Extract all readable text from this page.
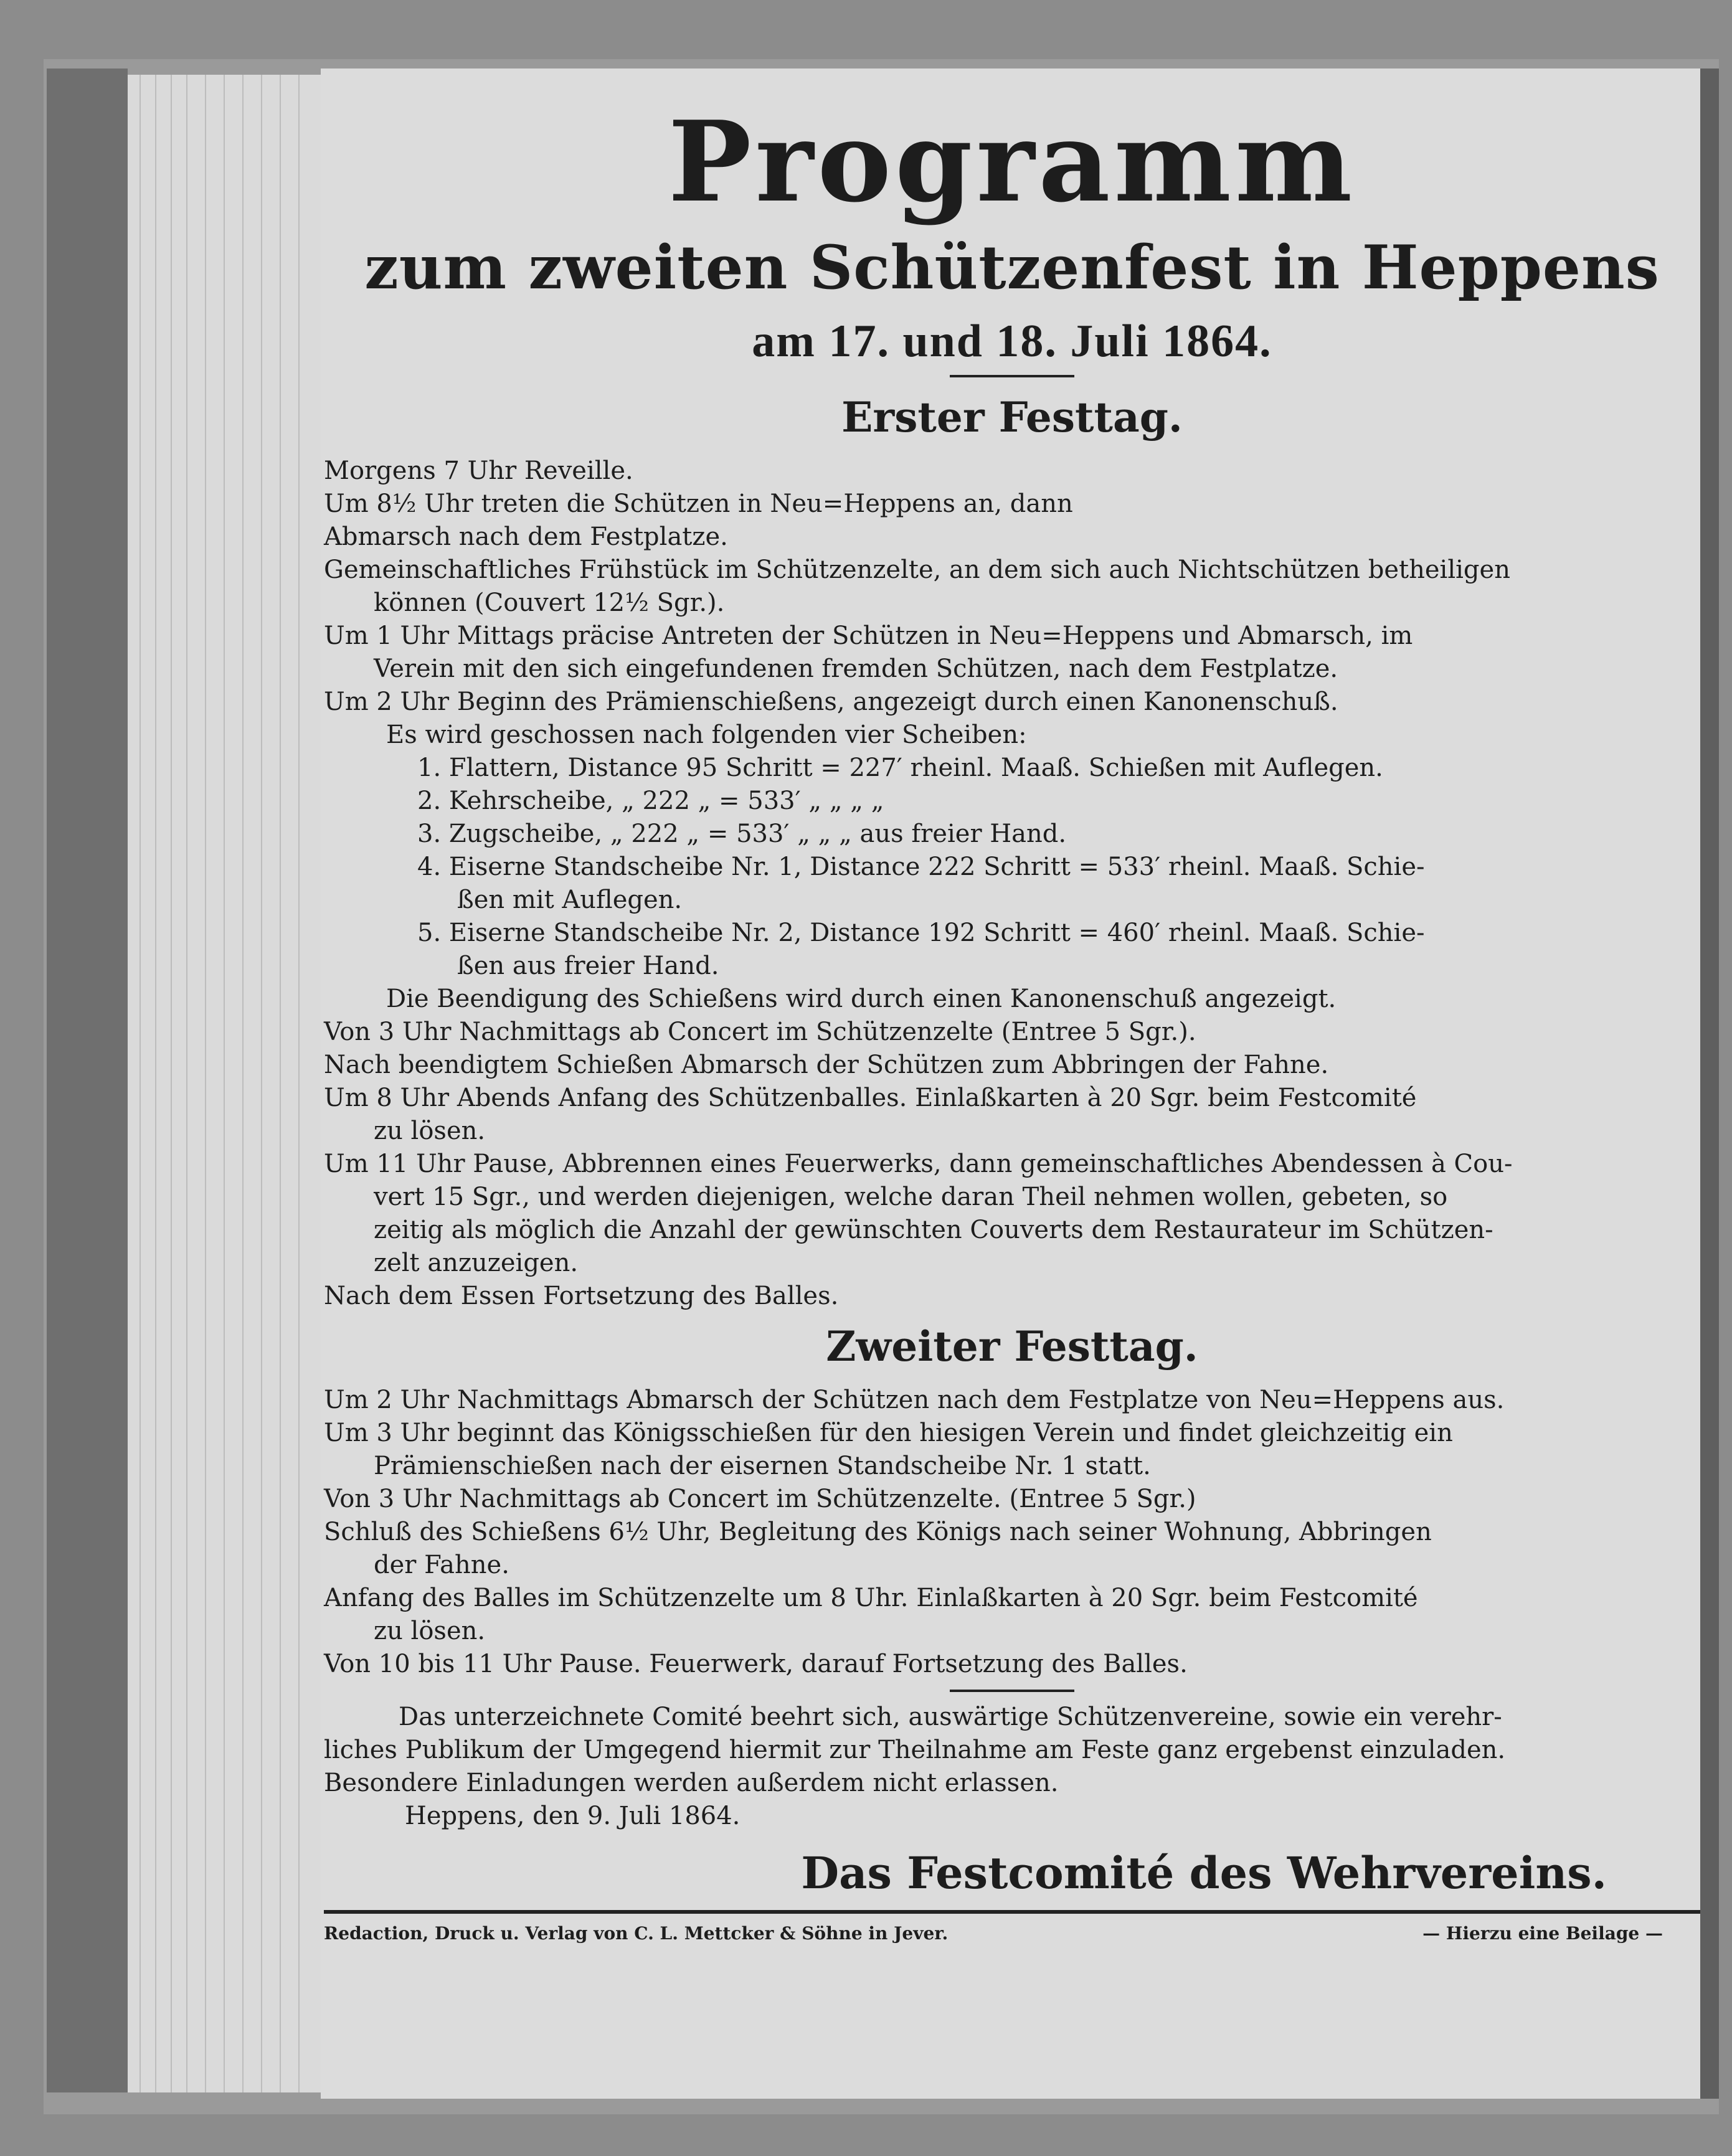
Programm
zum zweiten Schützenfest in Heppens
am 17. und 18. Juli 1864.
Erster Festtag.
Morgens 7 Uhr Reveille.
Um 8½ Uhr treten die Schützen in Neu=Heppens an, dann
Abmarsch nach dem Festplatze.
Gemeinschaftliches Frühstück im Schützenzelte, an dem sich auch Nichtschützen betheiligen
können (Couvert 12½ Sgr.).
Um 1 Uhr Mittags präcise Antreten der Schützen in Neu=Heppens und Abmarsch, im
Verein mit den sich eingefundenen fremden Schützen, nach dem Festplatze.
Um 2 Uhr Beginn des Prämienschießens, angezeigt durch einen Kanonenschuß.
Es wird geschossen nach folgenden vier Scheiben:
1. Flattern, Distance 95 Schritt = 227′ rheinl. Maaß. Schießen mit Auflegen.
2. Kehrscheibe, „ 222 „ = 533′ „ „ „ „
3. Zugscheibe, „ 222 „ = 533′ „ „ „ aus freier Hand.
4. Eiserne Standscheibe Nr. 1, Distance 222 Schritt = 533′ rheinl. Maaß. Schie-
ßen mit Auflegen.
5. Eiserne Standscheibe Nr. 2, Distance 192 Schritt = 460′ rheinl. Maaß. Schie-
ßen aus freier Hand.
Die Beendigung des Schießens wird durch einen Kanonenschuß angezeigt.
Von 3 Uhr Nachmittags ab Concert im Schützenzelte (Entree 5 Sgr.).
Nach beendigtem Schießen Abmarsch der Schützen zum Abbringen der Fahne.
Um 8 Uhr Abends Anfang des Schützenballes. Einlaßkarten à 20 Sgr. beim Festcomité
zu lösen.
Um 11 Uhr Pause, Abbrennen eines Feuerwerks, dann gemeinschaftliches Abendessen à Cou-
vert 15 Sgr., und werden diejenigen, welche daran Theil nehmen wollen, gebeten, so
zeitig als möglich die Anzahl der gewünschten Couverts dem Restaurateur im Schützen-
zelt anzuzeigen.
Nach dem Essen Fortsetzung des Balles.
Zweiter Festtag.
Um 2 Uhr Nachmittags Abmarsch der Schützen nach dem Festplatze von Neu=Heppens aus.
Um 3 Uhr beginnt das Königsschießen für den hiesigen Verein und findet gleichzeitig ein
Prämienschießen nach der eisernen Standscheibe Nr. 1 statt.
Von 3 Uhr Nachmittags ab Concert im Schützenzelte. (Entree 5 Sgr.)
Schluß des Schießens 6½ Uhr, Begleitung des Königs nach seiner Wohnung, Abbringen
der Fahne.
Anfang des Balles im Schützenzelte um 8 Uhr. Einlaßkarten à 20 Sgr. beim Festcomité
zu lösen.
Von 10 bis 11 Uhr Pause. Feuerwerk, darauf Fortsetzung des Balles.
Das unterzeichnete Comité beehrt sich, auswärtige Schützenvereine, sowie ein verehr-
liches Publikum der Umgegend hiermit zur Theilnahme am Feste ganz ergebenst einzuladen.
Besondere Einladungen werden außerdem nicht erlassen.
Heppens, den 9. Juli 1864.
Das Festcomité des Wehrvereins.
Redaction, Druck u. Verlag von C. L. Mettcker & Söhne in Jever.	— Hierzu eine Beilage —
